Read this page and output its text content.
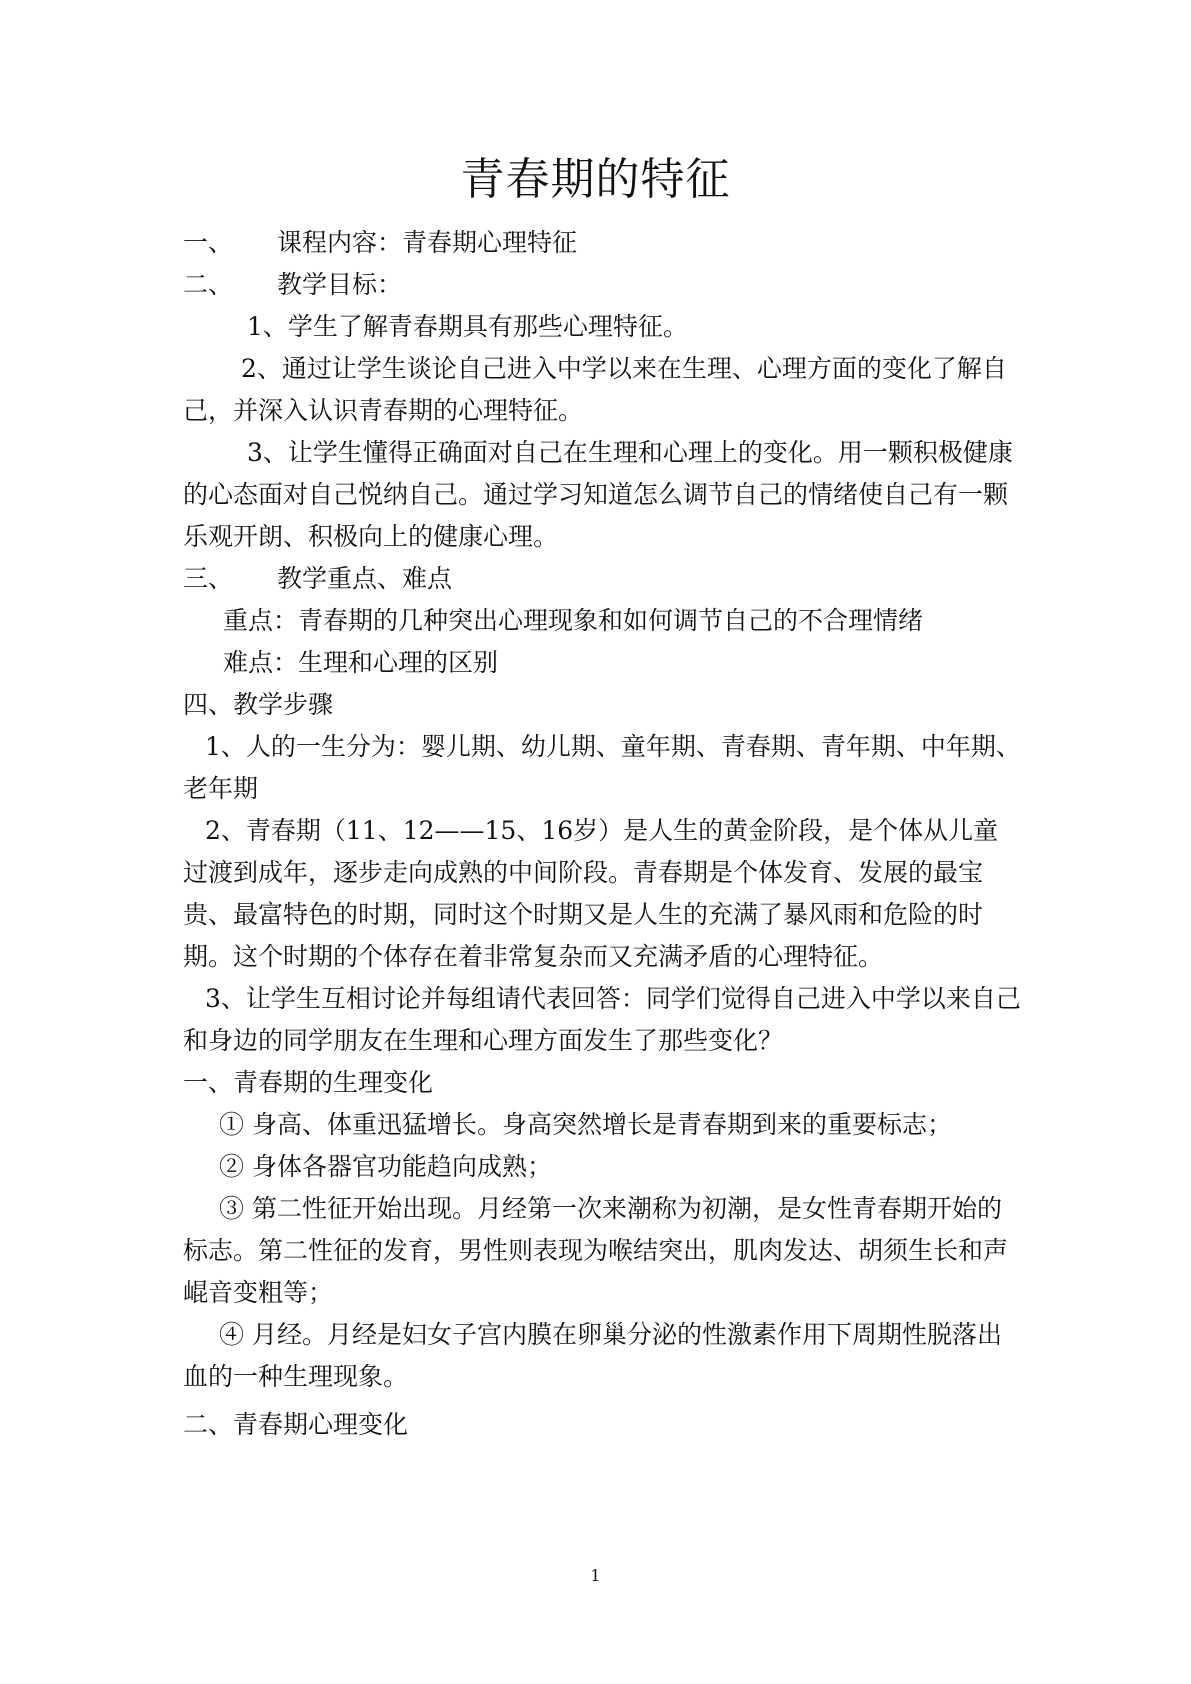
青春期的特征

一、 课程内容：青春期心理特征

二、 教学目标：

1、学生了解青春期具有那些心理特征。

2、通过让学生谈论自己进入中学以来在生理、心理方面的变化了解自己，并深入认识青春期的心理特征。

3、让学生懂得正确面对自己在生理和心理上的变化。用一颗积极健康的心态面对自己悦纳自己。通过学习知道怎么调节自己的情绪使自己有一颗乐观开朗、积极向上的健康心理。

三、 教学重点、难点

重点：青春期的几种突出心理现象和如何调节自己的不合理情绪

难点：生理和心理的区别

四、教学步骤

1、人的一生分为：婴儿期、幼儿期、童年期、青春期、青年期、中年期、老年期

2、青春期（11、12——15、16岁）是人生的黄金阶段，是个体从儿童过渡到成年，逐步走向成熟的中间阶段。青春期是个体发育、发展的最宝贵、最富特色的时期，同时这个时期又是人生的充满了暴风雨和危险的时期。这个时期的个体存在着非常复杂而又充满矛盾的心理特征。

3、让学生互相讨论并每组请代表回答：同学们觉得自己进入中学以来自己和身边的同学朋友在生理和心理方面发生了那些变化？

一、青春期的生理变化

① 身高、体重迅猛增长。身高突然增长是青春期到来的重要标志；

② 身体各器官功能趋向成熟；

③ 第二性征开始出现。月经第一次来潮称为初潮，是女性青春期开始的标志。第二性征的发育，男性则表现为喉结突出，肌肉发达、胡须生长和声崐音变粗等；

④ 月经。月经是妇女子宫内膜在卵巢分泌的性激素作用下周期性脱落出血的一种生理现象。

二、青春期心理变化

1
